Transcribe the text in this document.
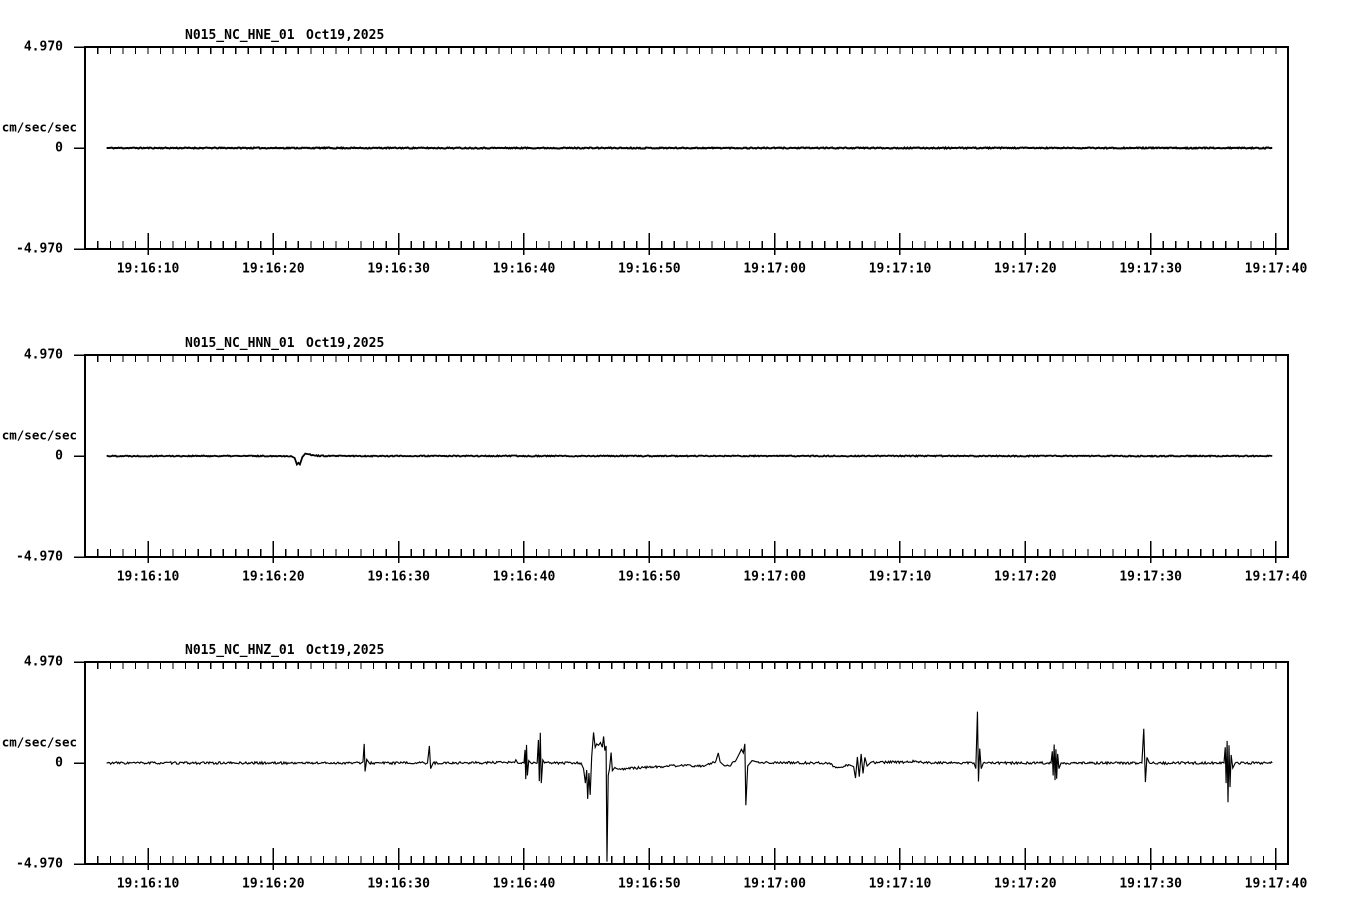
N015_NC_HNE_01 Oct19,2025
19:16:10	19:16:20	19:16:30	19:16:40	19:16:50	19:17:00	19:17:10	19:17:20	19:17:30	19:17:40
4.970
0
-4.970
cm/sec/sec
N015_NC_HNN_01 Oct19,2025
19:16:10	19:16:20	19:16:30	19:16:40	19:16:50	19:17:00	19:17:10	19:17:20	19:17:30	19:17:40
4.970
0
-4.970
cm/sec/sec
N015_NC_HNZ_01 Oct19,2025
19:16:10	19:16:20	19:16:30	19:16:40	19:16:50	19:17:00	19:17:10	19:17:20	19:17:30	19:17:40
4.970
0
-4.970
cm/sec/sec
